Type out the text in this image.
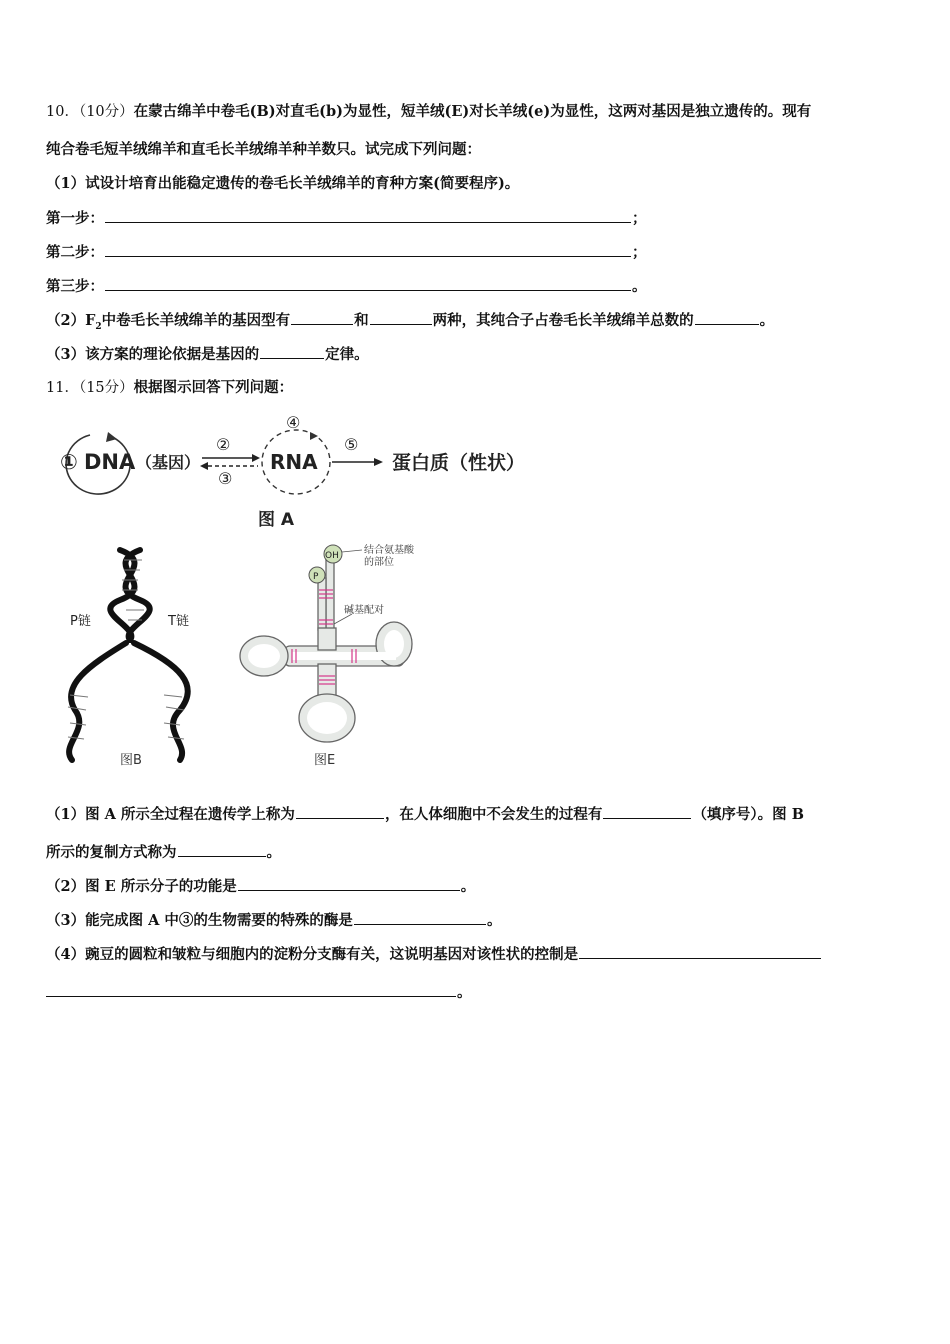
10．（10分）在蒙古绵羊中卷毛(B)对直毛(b)为显性，短羊绒(E)对长羊绒(e)为显性，这两对基因是独立遗传的。现有
纯合卷毛短羊绒绵羊和直毛长羊绒绵羊种羊数只。试完成下列问题：
（1）试设计培育出能稳定遗传的卷毛长羊绒绵羊的育种方案(简要程序)。
第一步：	；
第二步：	；
第三步：	。
$(2)F_2$中卷毛长羊绒绵羊的基因型有	和	两种，其纯合子占卷毛长羊绒绵羊总数的	。
（3）该方案的理论依据是基因的	定律。
11．（15分）根据图示回答下列问题：
① DNA （基因）
②
③
④
RNA
⑤
蛋白质（性状）
图 A
P链	T链
图B
OH
P
结合氨基酸
的部位
碱基配对
图E
（1）图 A 所示全过程在遗传学上称为	，在人体细胞中不会发生的过程有	（填序号）。图 B
所示的复制方式称为	。
（2）图 E 所示分子的功能是	。
（3）能完成图 A 中③的生物需要的特殊的酶是	。
（4）豌豆的圆粒和皱粒与细胞内的淀粉分支酶有关，这说明基因对该性状的控制是
。
